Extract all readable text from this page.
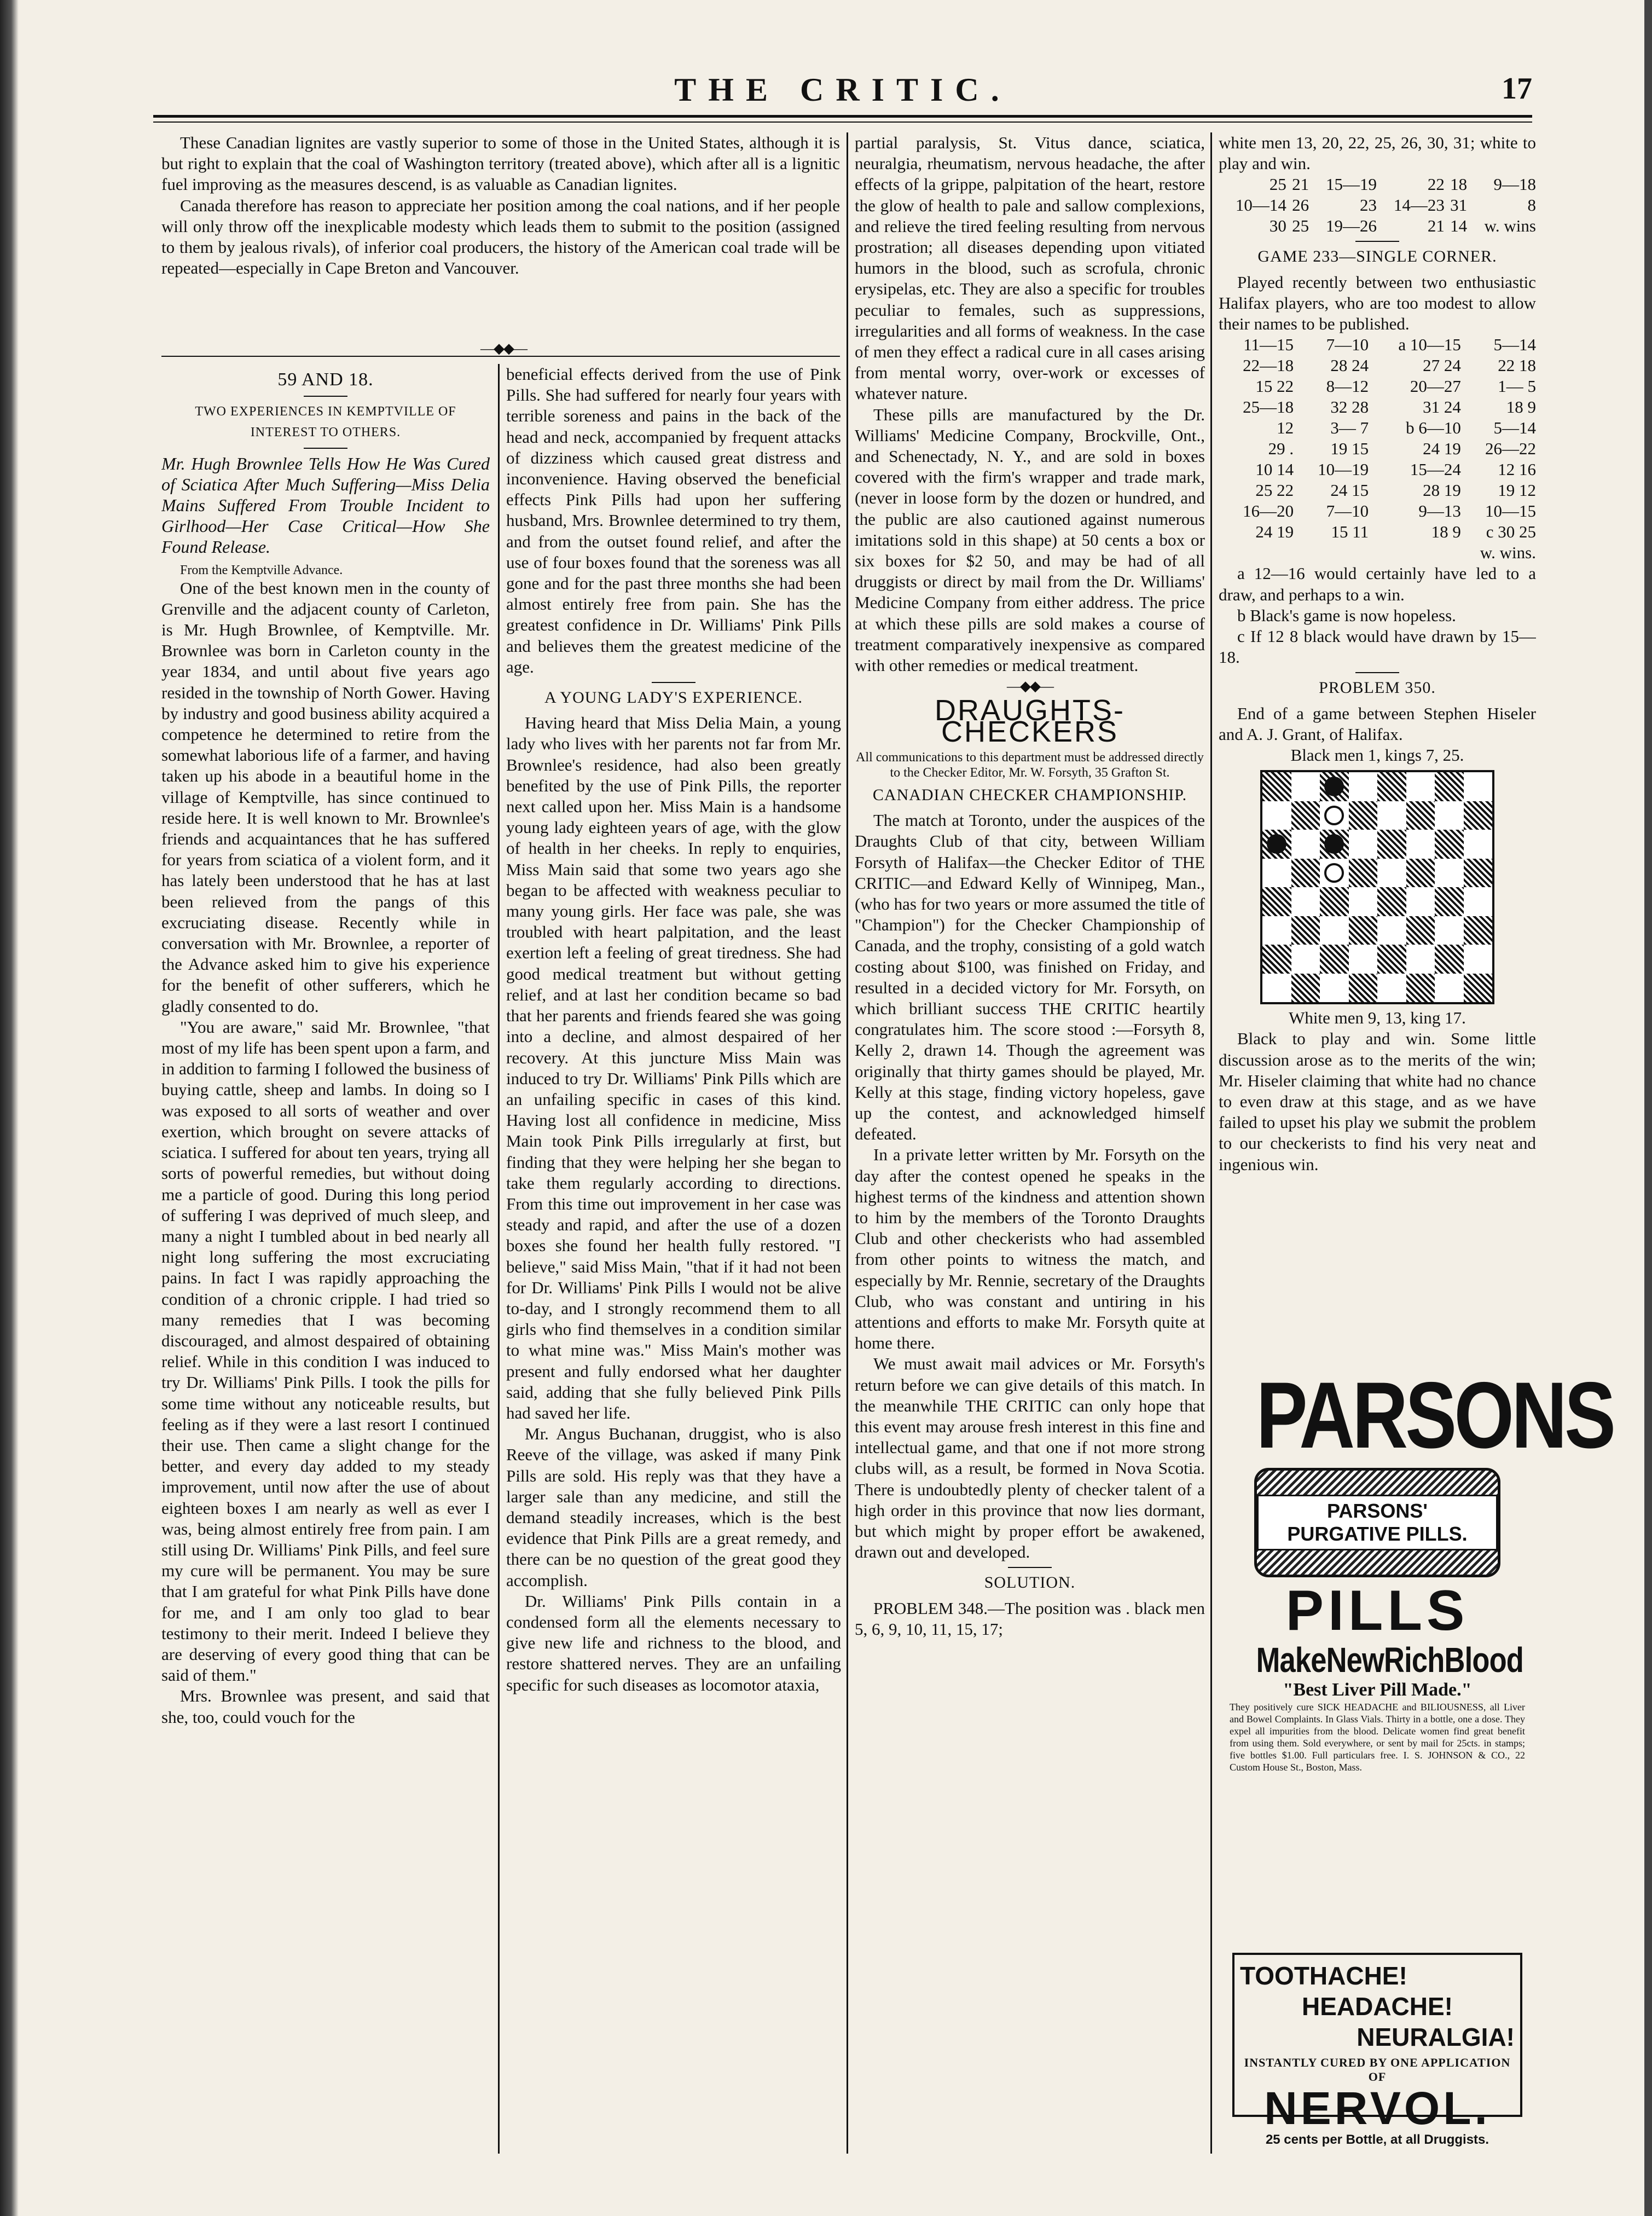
THE CRITIC.	17

These Canadian lignites are vastly superior to some of those in the United States, although it is but right to explain that the coal of Washington territory (treated above), which after all is a lignitic fuel improving as the measures descend, is as valuable as Canadian lignites.

Canada therefore has reason to appreciate her position among the coal nations, and if her people will only throw off the inexplicable modesty which leads them to submit to the position (assigned to them by jealous rivals), of inferior coal producers, the history of the American coal trade will be repeated—especially in Cape Breton and Vancouver.

—◆◆—
59 AND 18.
TWO EXPERIENCES IN KEMPTVILLE OF INTEREST TO OTHERS.
Mr. Hugh Brownlee Tells How He Was Cured of Sciatica After Much Suffering—Miss Delia Mains Suffered From Trouble Incident to Girlhood—Her Case Critical—How She Found Release.

From the Kemptville Advance.

One of the best known men in the county of Grenville and the adjacent county of Carleton, is Mr. Hugh Brownlee, of Kemptville. Mr. Brownlee was born in Carleton county in the year 1834, and until about five years ago resided in the township of North Gower. Having by industry and good business ability acquired a competence he determined to retire from the somewhat laborious life of a farmer, and having taken up his abode in a beautiful home in the village of Kemptville, has since continued to reside here. It is well known to Mr. Brownlee's friends and acquaintances that he has suffered for years from sciatica of a violent form, and it has lately been understood that he has at last been relieved from the pangs of this excruciating disease. Recently while in conversation with Mr. Brownlee, a reporter of the Advance asked him to give his experience for the benefit of other sufferers, which he gladly consented to do.

"You are aware," said Mr. Brownlee, "that most of my life has been spent upon a farm, and in addition to farming I followed the business of buying cattle, sheep and lambs. In doing so I was exposed to all sorts of weather and over exertion, which brought on severe attacks of sciatica. I suffered for about ten years, trying all sorts of powerful remedies, but without doing me a particle of good. During this long period of suffering I was deprived of much sleep, and many a night I tumbled about in bed nearly all night long suffering the most excruciating pains. In fact I was rapidly approaching the condition of a chronic cripple. I had tried so many remedies that I was becoming discouraged, and almost despaired of obtaining relief. While in this condition I was induced to try Dr. Williams' Pink Pills. I took the pills for some time without any noticeable results, but feeling as if they were a last resort I continued their use. Then came a slight change for the better, and every day added to my steady improvement, until now after the use of about eighteen boxes I am nearly as well as ever I was, being almost entirely free from pain. I am still using Dr. Williams' Pink Pills, and feel sure my cure will be permanent. You may be sure that I am grateful for what Pink Pills have done for me, and I am only too glad to bear testimony to their merit. Indeed I believe they are deserving of every good thing that can be said of them."

Mrs. Brownlee was present, and said that she, too, could vouch for the

beneficial effects derived from the use of Pink Pills. She had suffered for nearly four years with terrible soreness and pains in the back of the head and neck, accompanied by frequent attacks of dizziness which caused great distress and inconvenience. Having observed the beneficial effects Pink Pills had upon her suffering husband, Mrs. Brownlee determined to try them, and from the outset found relief, and after the use of four boxes found that the soreness was all gone and for the past three months she had been almost entirely free from pain. She has the greatest confidence in Dr. Williams' Pink Pills and believes them the greatest medicine of the age.

A YOUNG LADY'S EXPERIENCE.

Having heard that Miss Delia Main, a young lady who lives with her parents not far from Mr. Brownlee's residence, had also been greatly benefited by the use of Pink Pills, the reporter next called upon her. Miss Main is a handsome young lady eighteen years of age, with the glow of health in her cheeks. In reply to enquiries, Miss Main said that some two years ago she began to be affected with weakness peculiar to many young girls. Her face was pale, she was troubled with heart palpitation, and the least exertion left a feeling of great tiredness. She had good medical treatment but without getting relief, and at last her condition became so bad that her parents and friends feared she was going into a decline, and almost despaired of her recovery. At this juncture Miss Main was induced to try Dr. Williams' Pink Pills which are an unfailing specific in cases of this kind. Having lost all confidence in medicine, Miss Main took Pink Pills irregularly at first, but finding that they were helping her she began to take them regularly according to directions. From this time out improvement in her case was steady and rapid, and after the use of a dozen boxes she found her health fully restored. "I believe," said Miss Main, "that if it had not been for Dr. Williams' Pink Pills I would not be alive to-day, and I strongly recommend them to all girls who find themselves in a condition similar to what mine was." Miss Main's mother was present and fully endorsed what her daughter said, adding that she fully believed Pink Pills had saved her life.

Mr. Angus Buchanan, druggist, who is also Reeve of the village, was asked if many Pink Pills are sold. His reply was that they have a larger sale than any medicine, and still the demand steadily increases, which is the best evidence that Pink Pills are a great remedy, and there can be no question of the great good they accomplish.

Dr. Williams' Pink Pills contain in a condensed form all the elements necessary to give new life and richness to the blood, and restore shattered nerves. They are an unfailing specific for such diseases as locomotor ataxia,

partial paralysis, St. Vitus dance, sciatica, neuralgia, rheumatism, nervous headache, the after effects of la grippe, palpitation of the heart, restore the glow of health to pale and sallow complexions, and relieve the tired feeling resulting from nervous prostration; all diseases depending upon vitiated humors in the blood, such as scrofula, chronic erysipelas, etc. They are also a specific for troubles peculiar to females, such as suppressions, irregularities and all forms of weakness. In the case of men they effect a radical cure in all cases arising from mental worry, over-work or excesses of whatever nature.

These pills are manufactured by the Dr. Williams' Medicine Company, Brockville, Ont., and Schenectady, N. Y., and are sold in boxes covered with the firm's wrapper and trade mark, (never in loose form by the dozen or hundred, and the public are also cautioned against numerous imitations sold in this shape) at 50 cents a box or six boxes for $2 50, and may be had of all druggists or direct by mail from the Dr. Williams' Medicine Company from either address. The price at which these pills are sold makes a course of treatment comparatively inexpensive as compared with other remedies or medical treatment.

—◆◆—
DRAUGHTS-CHECKERS

All communications to this department must be addressed directly to the Checker Editor, Mr. W. Forsyth, 35 Grafton St.

CANADIAN CHECKER CHAMPIONSHIP.

The match at Toronto, under the auspices of the Draughts Club of that city, between William Forsyth of Halifax—the Checker Editor of THE CRITIC—and Edward Kelly of Winnipeg, Man., (who has for two years or more assumed the title of "Champion") for the Checker Championship of Canada, and the trophy, consisting of a gold watch costing about $100, was finished on Friday, and resulted in a decided victory for Mr. Forsyth, on which brilliant success THE CRITIC heartily congratulates him. The score stood :—Forsyth 8, Kelly 2, drawn 14. Though the agreement was originally that thirty games should be played, Mr. Kelly at this stage, finding victory hopeless, gave up the contest, and acknowledged himself defeated.

In a private letter written by Mr. Forsyth on the day after the contest opened he speaks in the highest terms of the kindness and attention shown to him by the members of the Toronto Draughts Club and other checkerists who had assembled from other points to witness the match, and especially by Mr. Rennie, secretary of the Draughts Club, who was constant and untiring in his attentions and efforts to make Mr. Forsyth quite at home there.

We must await mail advices or Mr. Forsyth's return before we can give details of this match. In the meanwhile THE CRITIC can only hope that this event may arouse fresh interest in this fine and intellectual game, and that one if not more strong clubs will, as a result, be formed in Nova Scotia. There is undoubtedly plenty of checker talent of a high order in this province that now lies dormant, but which might by proper effort be awakened, drawn out and developed.

SOLUTION.

PROBLEM 348.—The position was . black men 5, 6, 9, 10, 11, 15, 17;

white men 13, 20, 22, 25, 26, 30, 31; white to play and win.

25	21	15—19	22	18	9—18
10—14	26	23	14—23	31	8
30	25	19—26	21	14	w. wins
GAME 233—SINGLE CORNER.

Played recently between two enthusiastic Halifax players, who are too modest to allow their names to be published.

11—15	7—10	a 10—15	5—14
22—18	28 24	27 24	22 18
15 22	8—12	20—27	1— 5
25—18	32 28	31 24	18 9
12	3— 7	b 6—10	5—14
29 .	19 15	24 19	26—22
10 14	10—19	15—24	12 16
25 22	24 15	28 19	19 12
16—20	7—10	9—13	10—15
24 19	15 11	18 9	c 30 25

w. wins.

a 12—16 would certainly have led to a draw, and perhaps to a win.

b Black's game is now hopeless.

c If 12 8 black would have drawn by 15—18.

PROBLEM 350.

End of a game between Stephen Hiseler and A. J. Grant, of Halifax.

Black men 1, kings 7, 25.

White men 9, 13, king 17.

Black to play and win. Some little discussion arose as to the merits of the win; Mr. Hiseler claiming that white had no chance to even draw at this stage, and as we have failed to upset his play we submit the problem to our checkerists to find his very neat and ingenious win.

PARSONS
PARSONS' PURGATIVE PILLS.
PILLS
MakeNewRichBlood
"Best Liver Pill Made."
They positively cure SICK HEADACHE and BILIOUSNESS, all Liver and Bowel Complaints. In Glass Vials. Thirty in a bottle, one a dose. They expel all impurities from the blood. Delicate women find great benefit from using them. Sold everywhere, or sent by mail for 25cts. in stamps; five bottles $1.00. Full particulars free. I. S. JOHNSON & CO., 22 Custom House St., Boston, Mass.
TOOTHACHE!
HEADACHE!
NEURALGIA!
INSTANTLY CURED BY ONE APPLICATION OF
NERVOL.
25 cents per Bottle, at all Druggists.
